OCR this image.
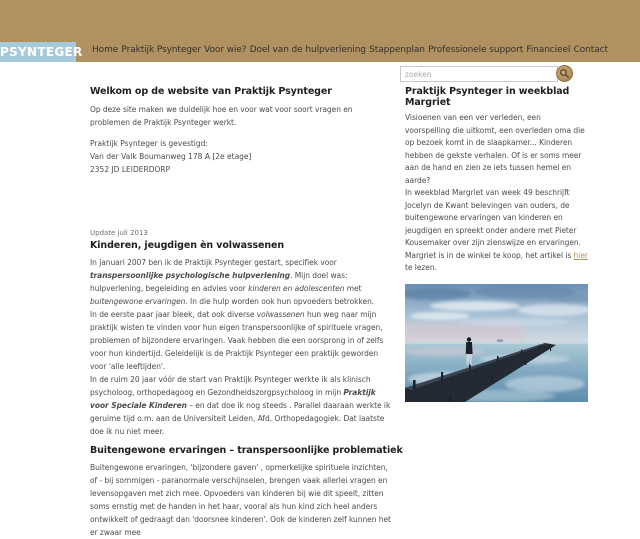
PSYNTEGER Home Praktijk Psynteger Voor wie? Doel van de hulpverlening Stappenplan Professionele support Financieel Contact
zoeken
Welkom op de website van Praktijk Psynteger

Op deze site maken we duidelijk hoe en voor wat voor soort vragen en problemen de Praktijk Psynteger werkt.

Praktijk Psynteger is gevestigd:
Van der Valk Boumanweg 178 A [2e etage]
2352 JD LEIDERDORP
Update juli 2013
Kinderen, jeugdigen èn volwassenen

In januari 2007 ben ik de Praktijk Psynteger gestart, specifiek voor transpersoonlijke psychologische hulpverlening. Mijn doel was: hulpverlening, begeleiding en advies voor kinderen en adolescenten met buitengewone ervaringen. In die hulp worden ook hun opvoeders betrokken.

In de eerste paar jaar bleek, dat ook diverse volwassenen hun weg naar mijn praktijk wisten te vinden voor hun eigen transpersoonlijke of spirituele vragen, problemen of bijzondere ervaringen. Vaak hebben die een oorsprong in of zelfs voor hun kindertijd. Geleidelijk is de Praktijk Psynteger een praktijk geworden voor 'alle leeftijden'.
In de ruim 20 jaar vóór de start van Praktijk Psynteger werkte ik als klinisch psycholoog, orthopedagoog en Gezondheidszorgpsycholoog in mijn Praktijk voor Speciale Kinderen – en dat doe ik nog steeds . Parallel daaraan werkte ik geruime tijd o.m. aan de Universiteit Leiden, Afd. Orthopedagogiek. Dat laatste doe ik nu niet meer.

Buitengewone ervaringen – transpersoonlijke problematiek

Buitengewone ervaringen, 'bijzondere gaven' , opmerkelijke spirituele inzichten, of - bij sommigen - paranormale verschijnselen, brengen vaak allerlei vragen en levensopgaven met zich mee. Opvoeders van kinderen bij wie dit speelt, zitten soms ernstig met de handen in het haar, vooral als hun kind zich heel anders ontwikkelt of gedraagt dan 'doorsnee kinderen'. Ook de kinderen zelf kunnen het er zwaar mee

Praktijk Psynteger in weekblad Margriet

Visioenen van een ver verleden, een voorspelling die uitkomt, een overleden oma die op bezoek komt in de slaapkamer... Kinderen hebben de gekste verhalen. Of is er soms meer aan de hand en zien ze iets tussen hemel en aarde?
In weekblad Margriet van week 49 beschrijft Jocelyn de Kwant belevingen van ouders, de buitengewone ervaringen van kinderen en jeugdigen en spreekt onder andere met Pieter Kousemaker over zijn zienswijze en ervaringen. Margriet is in de winkel te koop, het artikel is hier te lezen.
